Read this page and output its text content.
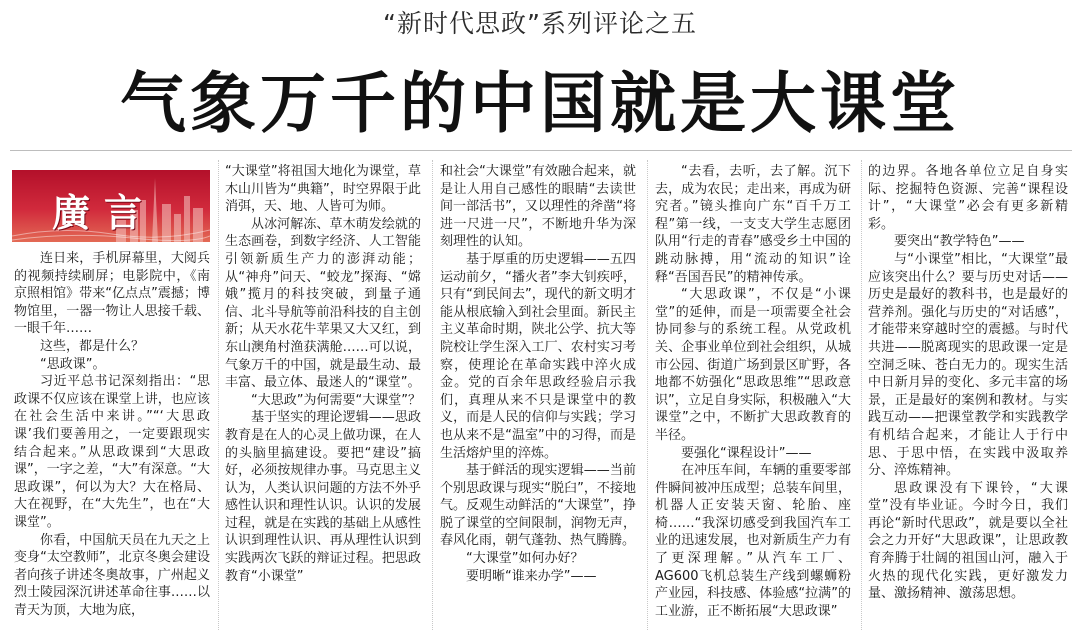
“新时代思政”系列评论之五
气象万千的中国就是大课堂
廣言

连日来，手机屏幕里，大阅兵的视频持续刷屏；电影院中，《南京照相馆》带来“亿点点”震撼；博物馆里，一器一物让人思接千载、一眼千年……

这些，都是什么？

“思政课”。

习近平总书记深刻指出：“思政课不仅应该在课堂上讲，也应该在社会生活中来讲。”“‘大思政课’我们要善用之，一定要跟现实结合起来。”从思政课到“大思政课”，一字之差，“大”有深意。“大思政课”，何以为大？大在格局、大在视野，在“大先生”，也在“大课堂”。

你看，中国航天员在九天之上变身“太空教师”，北京冬奥会建设者向孩子讲述冬奥故事，广州起义烈士陵园深沉讲述革命往事……以青天为顶，大地为底，

“大课堂”将祖国大地化为课堂，草木山川皆为“典籍”，时空界限于此消弭，天、地、人皆可为师。

从冰河解冻、草木萌发绘就的生态画卷，到数字经济、人工智能引领新质生产力的澎湃动能；从“神舟”问天、“蛟龙”探海、“嫦娥”揽月的科技突破，到量子通信、北斗导航等前沿科技的自主创新；从天水花牛苹果又大又红，到东山澳角村渔获满舱……可以说，气象万千的中国，就是最生动、最丰富、最立体、最迷人的“课堂”。

“大思政”为何需要“大课堂”？

基于坚实的理论逻辑——思政教育是在人的心灵上做功课，在人的头脑里搞建设。要把“建设”搞好，必须按规律办事。马克思主义认为，人类认识问题的方法不外乎感性认识和理性认识。认识的发展过程，就是在实践的基础上从感性认识到理性认识、再从理性认识到实践两次飞跃的辩证过程。把思政教育“小课堂”

和社会“大课堂”有效融合起来，就是让人用自己感性的眼睛“去读世间一部活书”，又以理性的斧凿“将进一尺进一尺”，不断地升华为深刻理性的认知。

基于厚重的历史逻辑——五四运动前夕，“播火者”李大钊疾呼，只有“到民间去”，现代的新文明才能从根底输入到社会里面。新民主主义革命时期，陕北公学、抗大等院校让学生深入工厂、农村实习考察，使理论在革命实践中淬火成金。党的百余年思政经验启示我们，真理从来不只是课堂中的教义，而是人民的信仰与实践；学习也从来不是“温室”中的习得，而是生活熔炉里的淬炼。

基于鲜活的现实逻辑——当前个别思政课与现实“脱臼”，不接地气。反观生动鲜活的“大课堂”，挣脱了课堂的空间限制，润物无声，春风化雨，朝气蓬勃、热气腾腾。

“大课堂”如何办好？

要明晰“谁来办学”——

“去看，去听，去了解。沉下去，成为农民；走出来，再成为研究者。”镜头推向广东“百千万工程”第一线，一支支大学生志愿团队用“行走的青春”感受乡土中国的跳动脉搏，用“流动的知识”诠释“吾国吾民”的精神传承。

“大思政课”，不仅是“小课堂”的延伸，而是一项需要全社会协同参与的系统工程。从党政机关、企事业单位到社会组织，从城市公园、街道广场到景区旷野，各地都不妨强化“思政思维”“思政意识”，立足自身实际，积极融入“大课堂”之中，不断扩大思政教育的半径。

要强化“课程设计”——

在冲压车间，车辆的重要零部件瞬间被冲压成型；总装车间里，机器人正安装天窗、轮胎、座椅……“我深切感受到我国汽车工业的迅速发展，也对新质生产力有了更深理解。”从汽车工厂、AG600飞机总装生产线到螺蛳粉产业园，科技感、体验感“拉满”的工业游，正不断拓展“大思政课”

的边界。各地各单位立足自身实际、挖掘特色资源、完善“课程设计”，“大课堂”必会有更多新精彩。

要突出“教学特色”——

与“小课堂”相比，“大课堂”最应该突出什么？要与历史对话——历史是最好的教科书，也是最好的营养剂。强化与历史的“对话感”，才能带来穿越时空的震撼。与时代共进——脱离现实的思政课一定是空洞乏味、苍白无力的。现实生活中日新月异的变化、多元丰富的场景，正是最好的案例和教材。与实践互动——把课堂教学和实践教学有机结合起来，才能让人于行中思、于思中悟，在实践中汲取养分、淬炼精神。

思政课没有下课铃，“大课堂”没有毕业证。今时今日，我们再论“新时代思政”，就是要以全社会之力开好“大思政课”，让思政教育奔腾于壮阔的祖国山河，融入于火热的现代化实践，更好激发力量、激扬精神、激荡思想。
